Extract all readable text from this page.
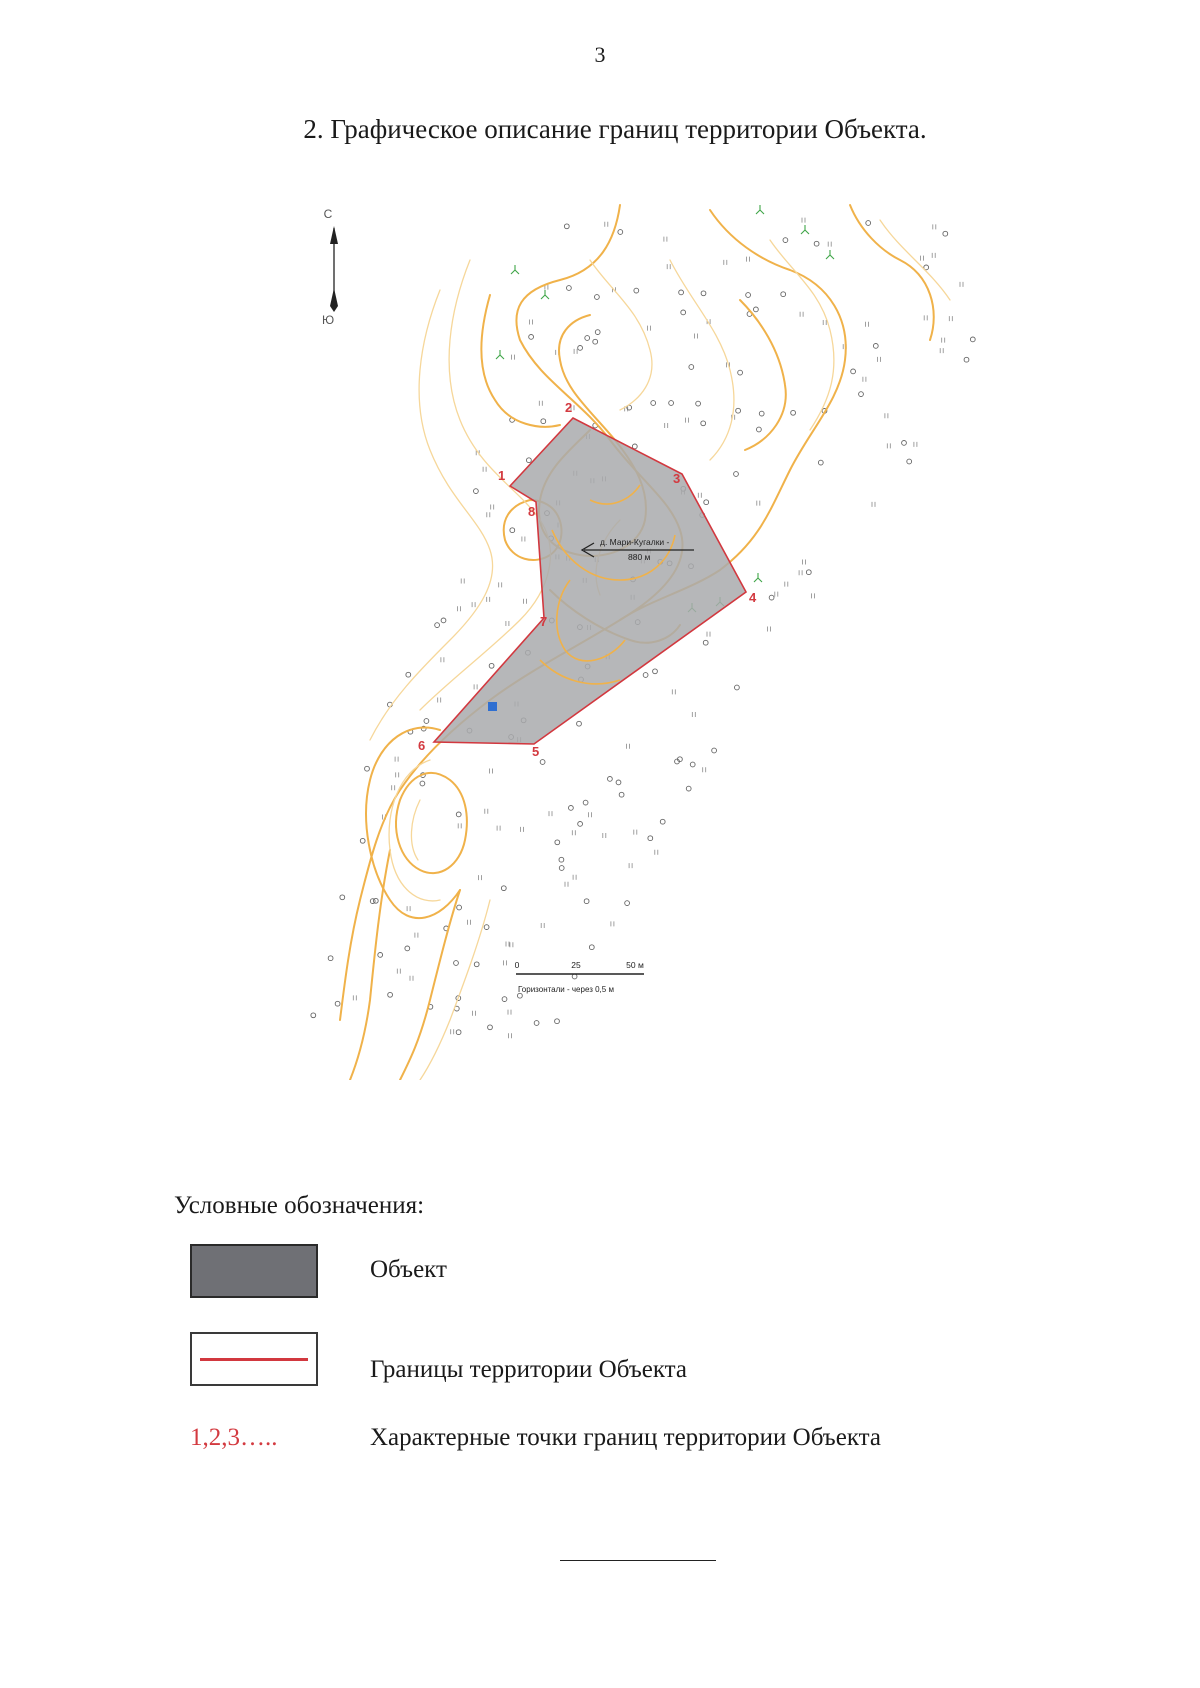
3
2. Графическое описание границ территории Объекта.
д. Мари-Кугалки -
880 м
1
2
3
4
5
6
7
8
С
Ю
0	25	50 м
Горизонтали - через 0,5 м
Условные обозначения:
Объект
Границы территории Объекта
1,2,3…..	Характерные точки границ территории Объекта
